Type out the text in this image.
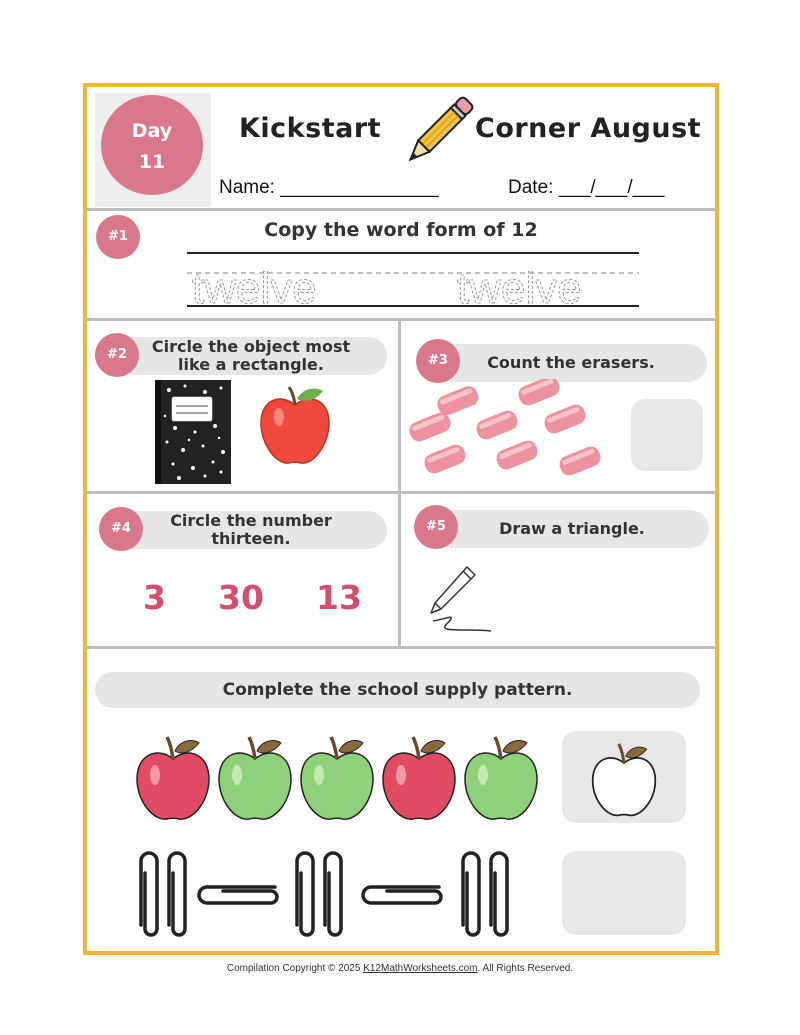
Day
11
Kickstart	Corner August
Name: _______________	Date: ___/___/___
#1	Copy the word form of 12
twelve	twelve
Circle the object most
like a rectangle.
#2	Count the erasers.
#3
Circle the number
thirteen.
#4
3 30 13
Draw a triangle.
#5
Complete the school supply pattern.
Compilation Copyright © 2025 K12MathWorksheets.com. All Rights Reserved.
